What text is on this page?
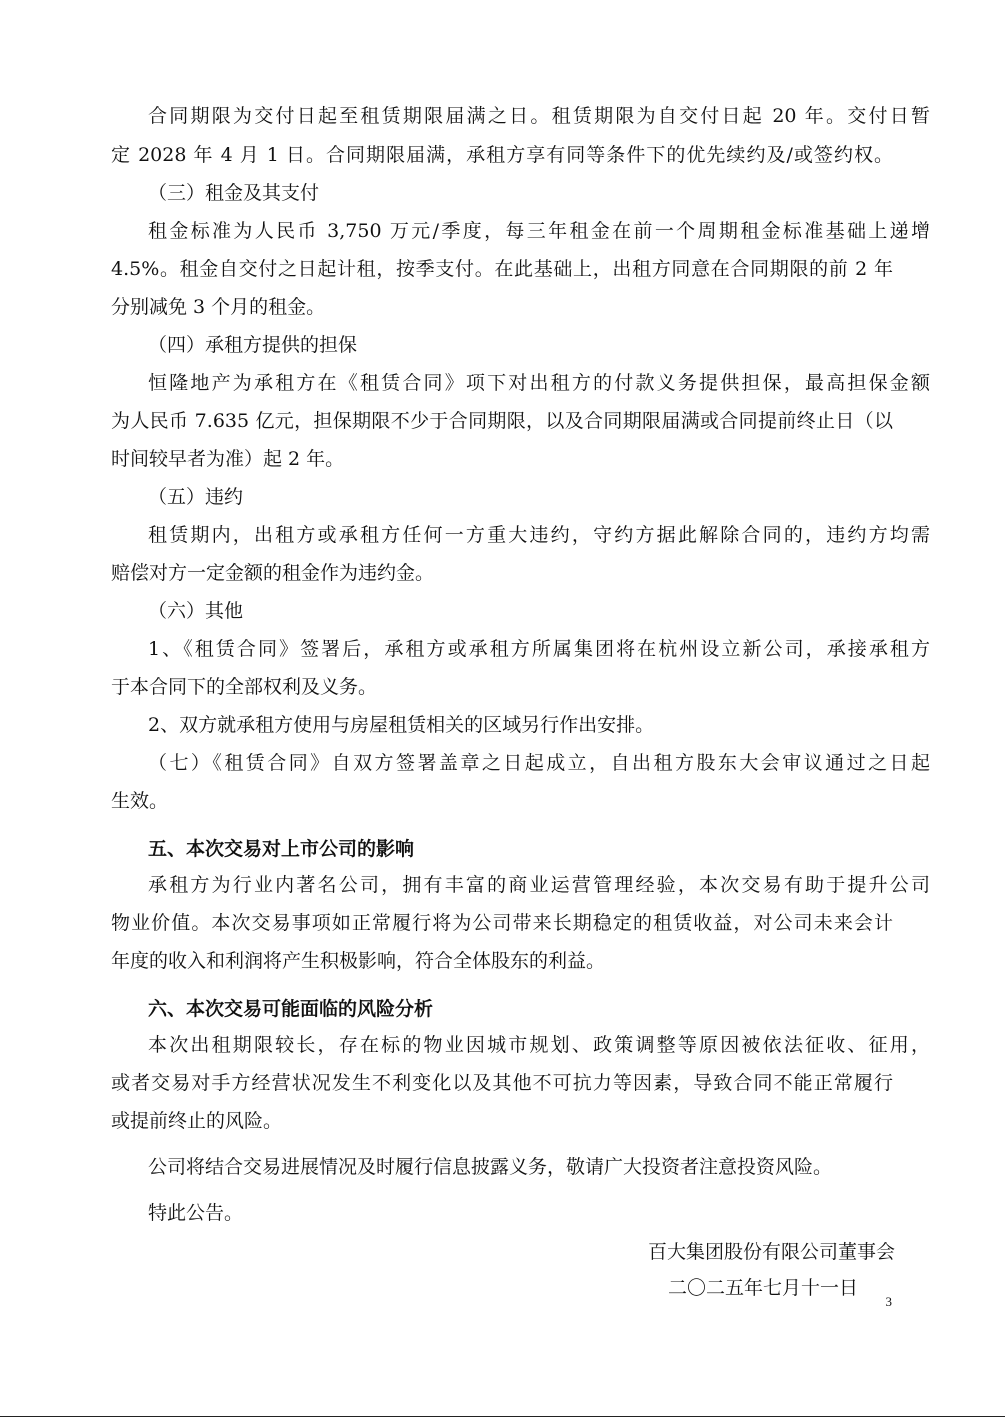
合同期限为交付日起至租赁期限届满之日。租赁期限为自交付日起 20 年。交付日暂

定 2028 年 4 月 1 日。合同期限届满，承租方享有同等条件下的优先续约及/或签约权。

（三）租金及其支付

租金标准为人民币 3,750 万元/季度，每三年租金在前一个周期租金标准基础上递增

4.5%。租金自交付之日起计租，按季支付。在此基础上，出租方同意在合同期限的前 2 年

分别减免 3 个月的租金。

（四）承租方提供的担保

恒隆地产为承租方在《租赁合同》项下对出租方的付款义务提供担保，最高担保金额

为人民币 7.635 亿元，担保期限不少于合同期限，以及合同期限届满或合同提前终止日（以

时间较早者为准）起 2 年。

（五）违约

租赁期内，出租方或承租方任何一方重大违约，守约方据此解除合同的，违约方均需

赔偿对方一定金额的租金作为违约金。

（六）其他

1、《租赁合同》签署后，承租方或承租方所属集团将在杭州设立新公司，承接承租方

于本合同下的全部权利及义务。

2、双方就承租方使用与房屋租赁相关的区域另行作出安排。

（七）《租赁合同》自双方签署盖章之日起成立，自出租方股东大会审议通过之日起

生效。

五、本次交易对上市公司的影响

承租方为行业内著名公司，拥有丰富的商业运营管理经验，本次交易有助于提升公司

物业价值。本次交易事项如正常履行将为公司带来长期稳定的租赁收益，对公司未来会计

年度的收入和利润将产生积极影响，符合全体股东的利益。

六、本次交易可能面临的风险分析

本次出租期限较长，存在标的物业因城市规划、政策调整等原因被依法征收、征用，

或者交易对手方经营状况发生不利变化以及其他不可抗力等因素，导致合同不能正常履行

或提前终止的风险。

公司将结合交易进展情况及时履行信息披露义务，敬请广大投资者注意投资风险。

特此公告。

百大集团股份有限公司董事会

二〇二五年七月十一日

3
